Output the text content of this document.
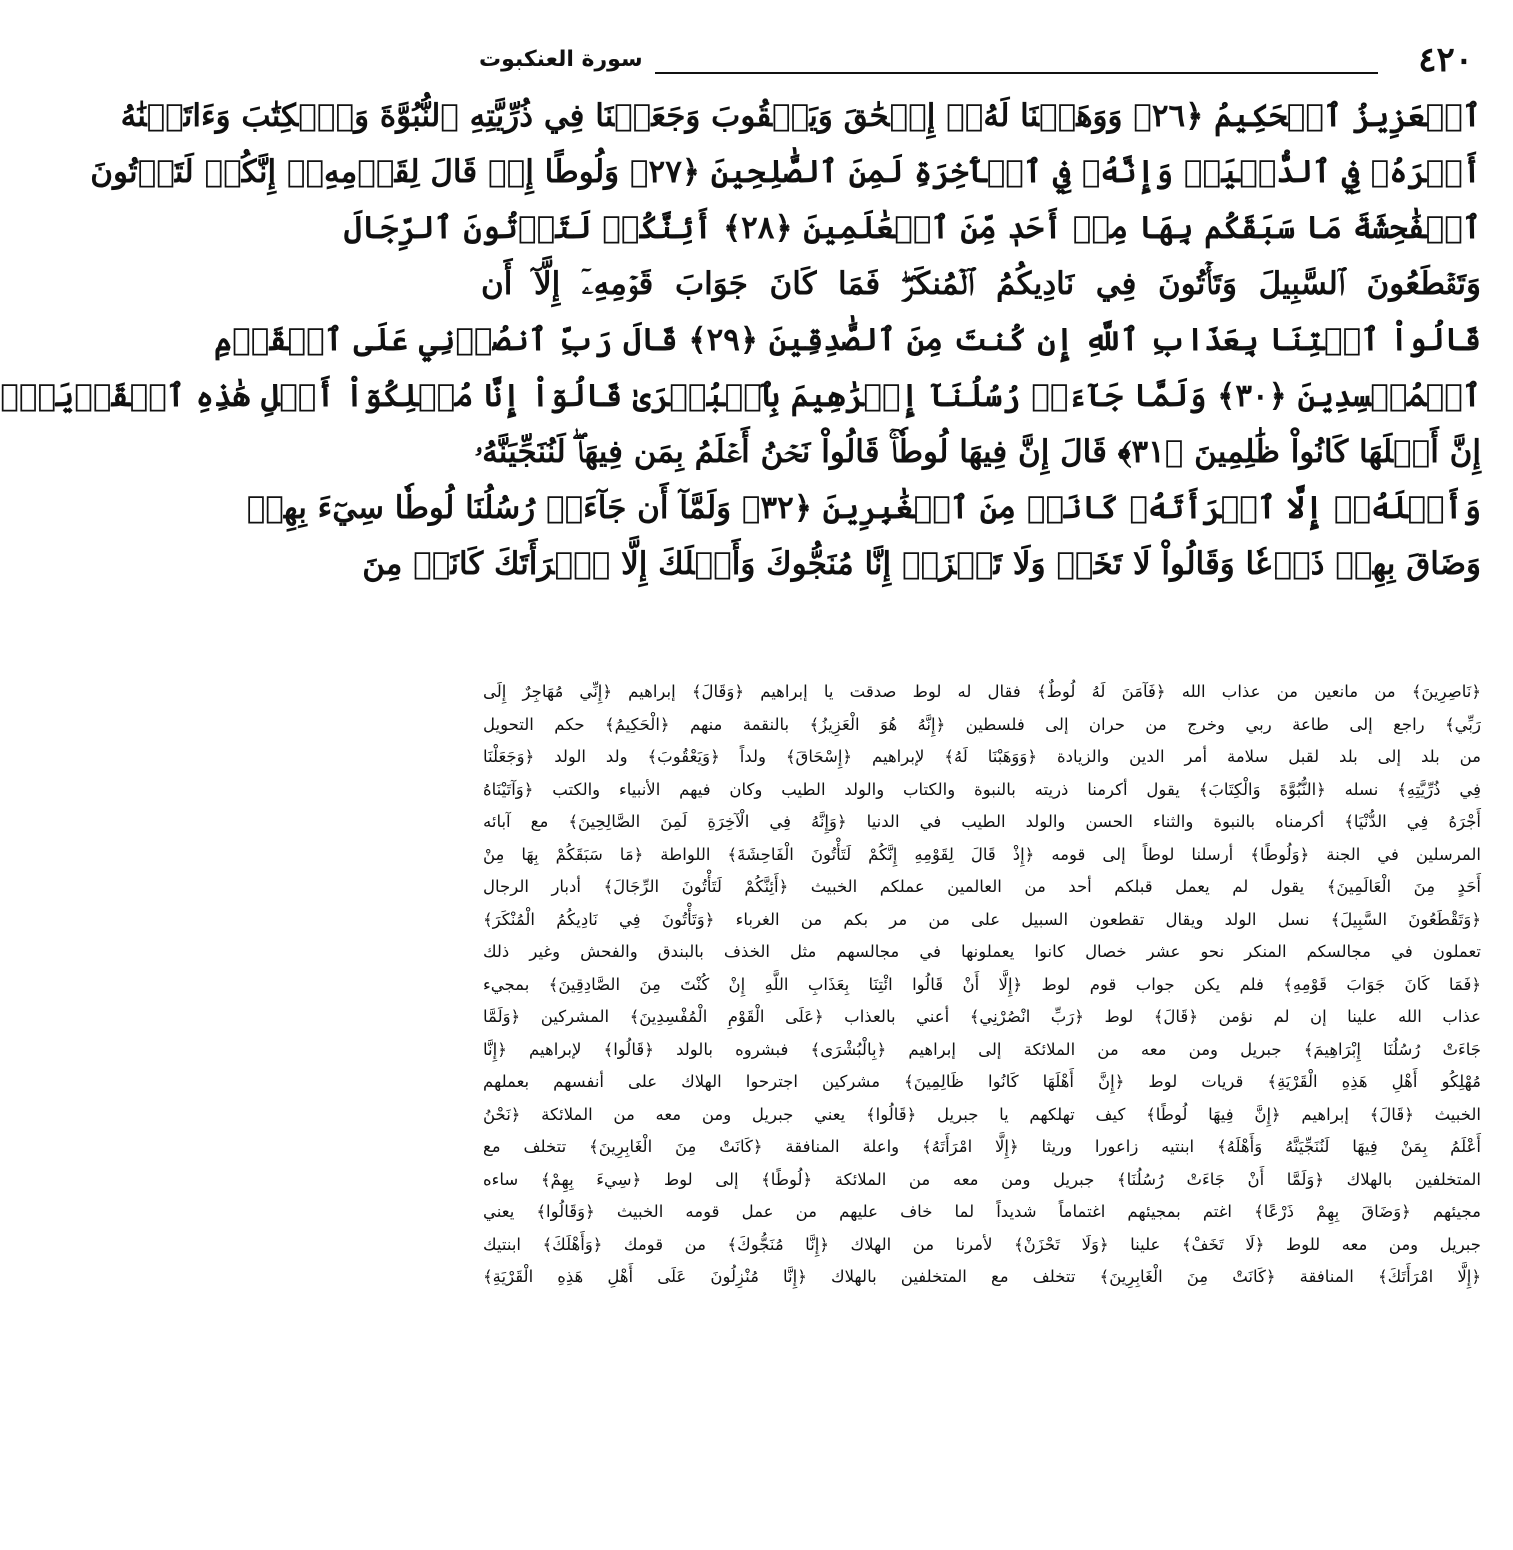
٤٢٠
سورة العنكبوت
ٱلۡعَزِيزُ ٱلۡحَكِيمُ ﴿٢٦﴾ وَوَهَبۡنَا لَهُۥٓ إِسۡحَٰقَ وَيَعۡقُوبَ وَجَعَلۡنَا فِي ذُرِّيَّتِهِ ٱلنُّبُوَّةَ وَٱلۡكِتَٰبَ وَءَاتَيۡنَٰهُ
أَجۡرَهُۥ فِي ٱلدُّنۡيَاۖ وَإِنَّهُۥ فِي ٱلۡأٓخِرَةِ لَمِنَ ٱلصَّٰلِحِينَ ﴿٢٧﴾ وَلُوطًا إِذۡ قَالَ لِقَوۡمِهِۦٓ إِنَّكُمۡ لَتَأۡتُونَ
ٱلۡفَٰحِشَةَ مَا سَبَقَكُم بِهَا مِنۡ أَحَدٖ مِّنَ ٱلۡعَٰلَمِينَ ﴿٢٨﴾ أَئِنَّكُمۡ لَتَأۡتُونَ ٱلرِّجَالَ
وَتَقۡطَعُونَ ٱلسَّبِيلَ وَتَأۡتُونَ فِي نَادِيكُمُ ٱلۡمُنكَرَۖ فَمَا كَانَ جَوَابَ قَوۡمِهِۦٓ إِلَّآ أَن
قَالُواْ ٱئۡتِنَا بِعَذَابِ ٱللَّهِ إِن كُنتَ مِنَ ٱلصَّٰدِقِينَ ﴿٢٩﴾ قَالَ رَبِّ ٱنصُرۡنِي عَلَى ٱلۡقَوۡمِ
ٱلۡمُفۡسِدِينَ ﴿٣٠﴾ وَلَمَّا جَآءَتۡ رُسُلُنَآ إِبۡرَٰهِيمَ بِٱلۡبُشۡرَىٰ قَالُوٓاْ إِنَّا مُهۡلِكُوٓاْ أَهۡلِ هَٰذِهِ ٱلۡقَرۡيَةِۖ
إِنَّ أَهۡلَهَا كَانُواْ ظَٰلِمِينَ ﴿٣١﴾ قَالَ إِنَّ فِيهَا لُوطٗاۚ قَالُواْ نَحۡنُ أَعۡلَمُ بِمَن فِيهَاۖ لَنُنَجِّيَنَّهُۥ
وَأَهۡلَهُۥٓ إِلَّا ٱمۡرَأَتَهُۥ كَانَتۡ مِنَ ٱلۡغَٰبِرِينَ ﴿٣٢﴾ وَلَمَّآ أَن جَآءَتۡ رُسُلُنَا لُوطٗا سِيٓءَ بِهِمۡ
وَضَاقَ بِهِمۡ ذَرۡعٗا وَقَالُواْ لَا تَخَفۡ وَلَا تَحۡزَنۡ إِنَّا مُنَجُّوكَ وَأَهۡلَكَ إِلَّا ٱمۡرَأَتَكَ كَانَتۡ مِنَ
﴿نَاصِرِينَ﴾ من مانعين من عذاب الله ﴿فَآمَنَ لَهُ لُوطٌ﴾ فقال له لوط صدقت يا إبراهيم ﴿وَقَالَ﴾ إبراهيم ﴿إِنِّي مُهَاجِرٌ إِلَى
رَبِّي﴾ راجع إلى طاعة ربي وخرج من حران إلى فلسطين ﴿إِنَّهُ هُوَ الْعَزِيزُ﴾ بالنقمة منهم ﴿الْحَكِيمُ﴾ حكم التحويل
من بلد إلى بلد لقبل سلامة أمر الدين والزيادة ﴿وَوَهَبْنَا لَهُ﴾ لإبراهيم ﴿إِسْحَاقَ﴾ ولداً ﴿وَيَعْقُوبَ﴾ ولد الولد ﴿وَجَعَلْنَا
فِي ذُرِّيَّتِهِ﴾ نسله ﴿النُّبُوَّةَ وَالْكِتَابَ﴾ يقول أكرمنا ذريته بالنبوة والكتاب والولد الطيب وكان فيهم الأنبياء والكتب ﴿وَآتَيْنَاهُ
أَجْرَهُ فِي الدُّنْيَا﴾ أكرمناه بالنبوة والثناء الحسن والولد الطيب في الدنيا ﴿وَإِنَّهُ فِي الْآخِرَةِ لَمِنَ الصَّالِحِينَ﴾ مع آبائه
المرسلين في الجنة ﴿وَلُوطًا﴾ أرسلنا لوطاً إلى قومه ﴿إِذْ قَالَ لِقَوْمِهِ إِنَّكُمْ لَتَأْتُونَ الْفَاحِشَةَ﴾ اللواطة ﴿مَا سَبَقَكُمْ بِهَا مِنْ
أَحَدٍ مِنَ الْعَالَمِينَ﴾ يقول لم يعمل قبلكم أحد من العالمين عملكم الخبيث ﴿أَئِنَّكُمْ لَتَأْتُونَ الرِّجَالَ﴾ أدبار الرجال
﴿وَتَقْطَعُونَ السَّبِيلَ﴾ نسل الولد ويقال تقطعون السبيل على من مر بكم من الغرباء ﴿وَتَأْتُونَ فِي نَادِيكُمُ الْمُنْكَرَ﴾
تعملون في مجالسكم المنكر نحو عشر خصال كانوا يعملونها في مجالسهم مثل الخذف بالبندق والفحش وغير ذلك
﴿فَمَا كَانَ جَوَابَ قَوْمِهِ﴾ فلم يكن جواب قوم لوط ﴿إِلَّا أَنْ قَالُوا ائْتِنَا بِعَذَابِ اللَّهِ إِنْ كُنْتَ مِنَ الصَّادِقِينَ﴾ بمجيء
عذاب الله علينا إن لم نؤمن ﴿قَالَ﴾ لوط ﴿رَبِّ انْصُرْنِي﴾ أعني بالعذاب ﴿عَلَى الْقَوْمِ الْمُفْسِدِينَ﴾ المشركين ﴿وَلَمَّا
جَاءَتْ رُسُلُنَا إِبْرَاهِيمَ﴾ جبريل ومن معه من الملائكة إلى إبراهيم ﴿بِالْبُشْرَى﴾ فبشروه بالولد ﴿قَالُوا﴾ لإبراهيم ﴿إِنَّا
مُهْلِكُو أَهْلِ هَذِهِ الْقَرْيَةِ﴾ قريات لوط ﴿إِنَّ أَهْلَهَا كَانُوا ظَالِمِينَ﴾ مشركين اجترحوا الهلاك على أنفسهم بعملهم
الخبيث ﴿قَالَ﴾ إبراهيم ﴿إِنَّ فِيهَا لُوطًا﴾ كيف تهلكهم يا جبريل ﴿قَالُوا﴾ يعني جبريل ومن معه من الملائكة ﴿نَحْنُ
أَعْلَمُ بِمَنْ فِيهَا لَنُنَجِّيَنَّهُ وَأَهْلَهُ﴾ ابنتيه زاعورا وريثا ﴿إِلَّا امْرَأَتَهُ﴾ واعلة المنافقة ﴿كَانَتْ مِنَ الْغَابِرِينَ﴾ تتخلف مع
المتخلفين بالهلاك ﴿وَلَمَّا أَنْ جَاءَتْ رُسُلُنَا﴾ جبريل ومن معه من الملائكة ﴿لُوطًا﴾ إلى لوط ﴿سِيءَ بِهِمْ﴾ ساءه
مجيئهم ﴿وَضَاقَ بِهِمْ ذَرْعًا﴾ اغتم بمجيئهم اغتماماً شديداً لما خاف عليهم من عمل قومه الخبيث ﴿وَقَالُوا﴾ يعني
جبريل ومن معه للوط ﴿لَا تَخَفْ﴾ علينا ﴿وَلَا تَحْزَنْ﴾ لأمرنا من الهلاك ﴿إِنَّا مُنَجُّوكَ﴾ من قومك ﴿وَأَهْلَكَ﴾ ابنتيك
﴿إِلَّا امْرَأَتَكَ﴾ المنافقة ﴿كَانَتْ مِنَ الْغَابِرِينَ﴾ تتخلف مع المتخلفين بالهلاك ﴿إِنَّا مُنْزِلُونَ عَلَى أَهْلِ هَذِهِ الْقَرْيَةِ﴾
